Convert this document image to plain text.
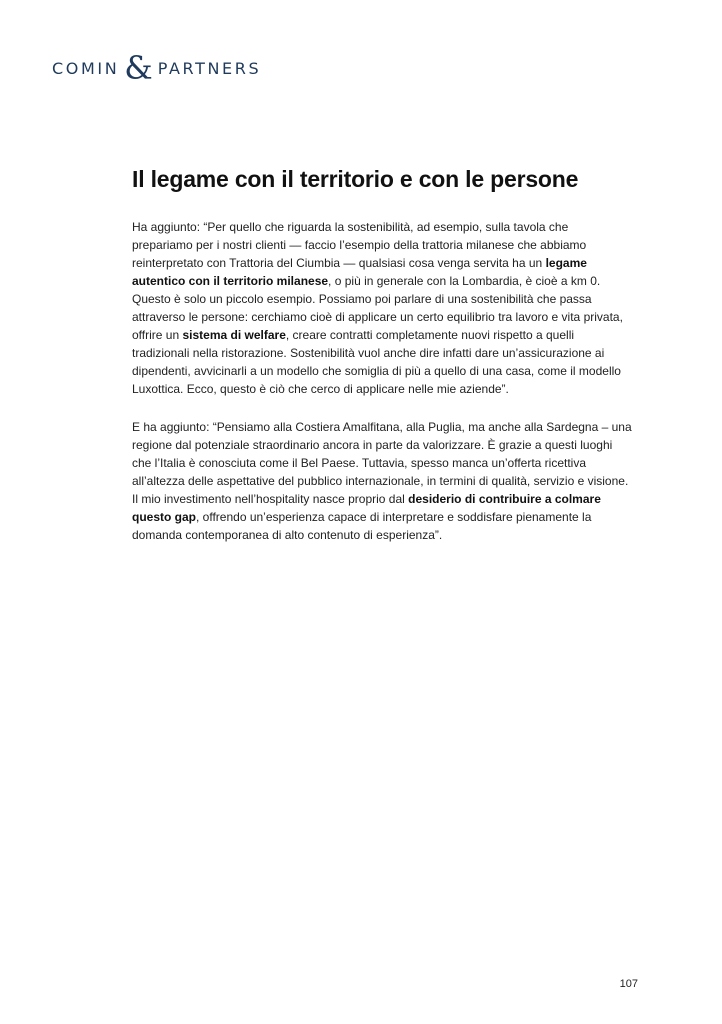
COMIN & PARTNERS
Il legame con il territorio e con le persone

Ha aggiunto: “Per quello che riguarda la sostenibilità, ad esempio, sulla tavola che prepariamo per i nostri clienti — faccio l’esempio della trattoria milanese che abbiamo reinterpretato con Trattoria del Ciumbia — qualsiasi cosa venga servita ha un legame autentico con il territorio milanese, o più in generale con la Lombardia, è cioè a km 0. Questo è solo un piccolo esempio. Possiamo poi parlare di una sostenibilità che passa attraverso le persone: cerchiamo cioè di applicare un certo equilibrio tra lavoro e vita privata, offrire un sistema di welfare, creare contratti completamente nuovi rispetto a quelli tradizionali nella ristorazione. Sostenibilità vuol anche dire infatti dare un’assicurazione ai dipendenti, avvicinarli a un modello che somiglia di più a quello di una casa, come il modello Luxottica. Ecco, questo è ciò che cerco di applicare nelle mie aziende”.

E ha aggiunto: “Pensiamo alla Costiera Amalfitana, alla Puglia, ma anche alla Sardegna – una regione dal potenziale straordinario ancora in parte da valorizzare. È grazie a questi luoghi che l’Italia è conosciuta come il Bel Paese. Tuttavia, spesso manca un’offerta ricettiva all’altezza delle aspettative del pubblico internazionale, in termini di qualità, servizio e visione. Il mio investimento nell’hospitality nasce proprio dal desiderio di contribuire a colmare questo gap, offrendo un’esperienza capace di interpretare e soddisfare pienamente la domanda contemporanea di alto contenuto di esperienza”.

107
